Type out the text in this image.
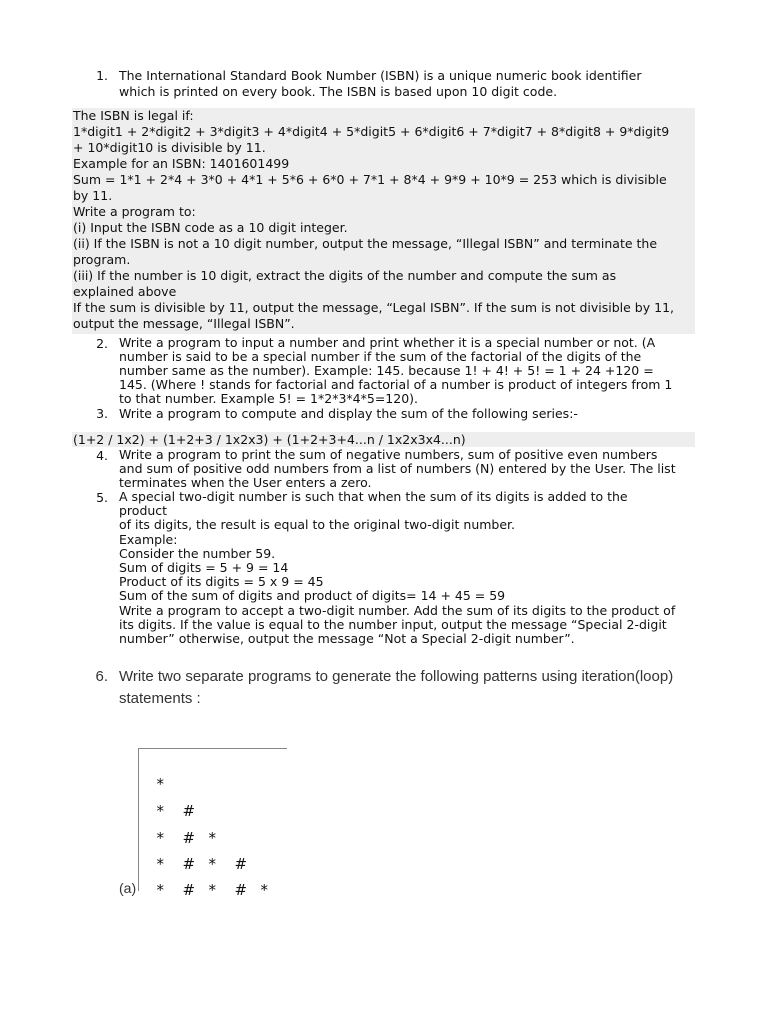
1. The International Standard Book Number (ISBN) is a unique numeric book identifier
which is printed on every book. The ISBN is based upon 10 digit code.
The ISBN is legal if:
1*digit1 + 2*digit2 + 3*digit3 + 4*digit4 + 5*digit5 + 6*digit6 + 7*digit7 + 8*digit8 + 9*digit9
+ 10*digit10 is divisible by 11.
Example for an ISBN: 1401601499
Sum = 1*1 + 2*4 + 3*0 + 4*1 + 5*6 + 6*0 + 7*1 + 8*4 + 9*9 + 10*9 = 253 which is divisible
by 11.
Write a program to:
(i) Input the ISBN code as a 10 digit integer.
(ii) If the ISBN is not a 10 digit number, output the message, “Illegal ISBN” and terminate the
program.
(iii) If the number is 10 digit, extract the digits of the number and compute the sum as
explained above
If the sum is divisible by 11, output the message, “Legal ISBN”. If the sum is not divisible by 11,
output the message, “Illegal ISBN”.
2. Write a program to input a number and print whether it is a special number or not. (A
number is said to be a special number if the sum of the factorial of the digits of the
number same as the number). Example: 145. because 1! + 4! + 5! = 1 + 24 +120 =
145. (Where ! stands for factorial and factorial of a number is product of integers from 1
to that number. Example 5! = 1*2*3*4*5=120).
3. Write a program to compute and display the sum of the following series:-
(1+2 / 1x2) + (1+2+3 / 1x2x3) + (1+2+3+4...n / 1x2x3x4...n)
4. Write a program to print the sum of negative numbers, sum of positive even numbers
and sum of positive odd numbers from a list of numbers (N) entered by the User. The list
terminates when the User enters a zero.
5. A special two-digit number is such that when the sum of its digits is added to the
product
of its digits, the result is equal to the original two-digit number.
Example:
Consider the number 59.
Sum of digits = 5 + 9 = 14
Product of its digits = 5 x 9 = 45
Sum of the sum of digits and product of digits= 14 + 45 = 59
Write a program to accept a two-digit number. Add the sum of its digits to the product of
its digits. If the value is equal to the number input, output the message “Special 2-digit
number” otherwise, output the message “Not a Special 2-digit number”.
6. Write two separate programs to generate the following patterns using iteration(loop)
statements :

*

* #

* # *

* # * #

* # * # *

(a)
